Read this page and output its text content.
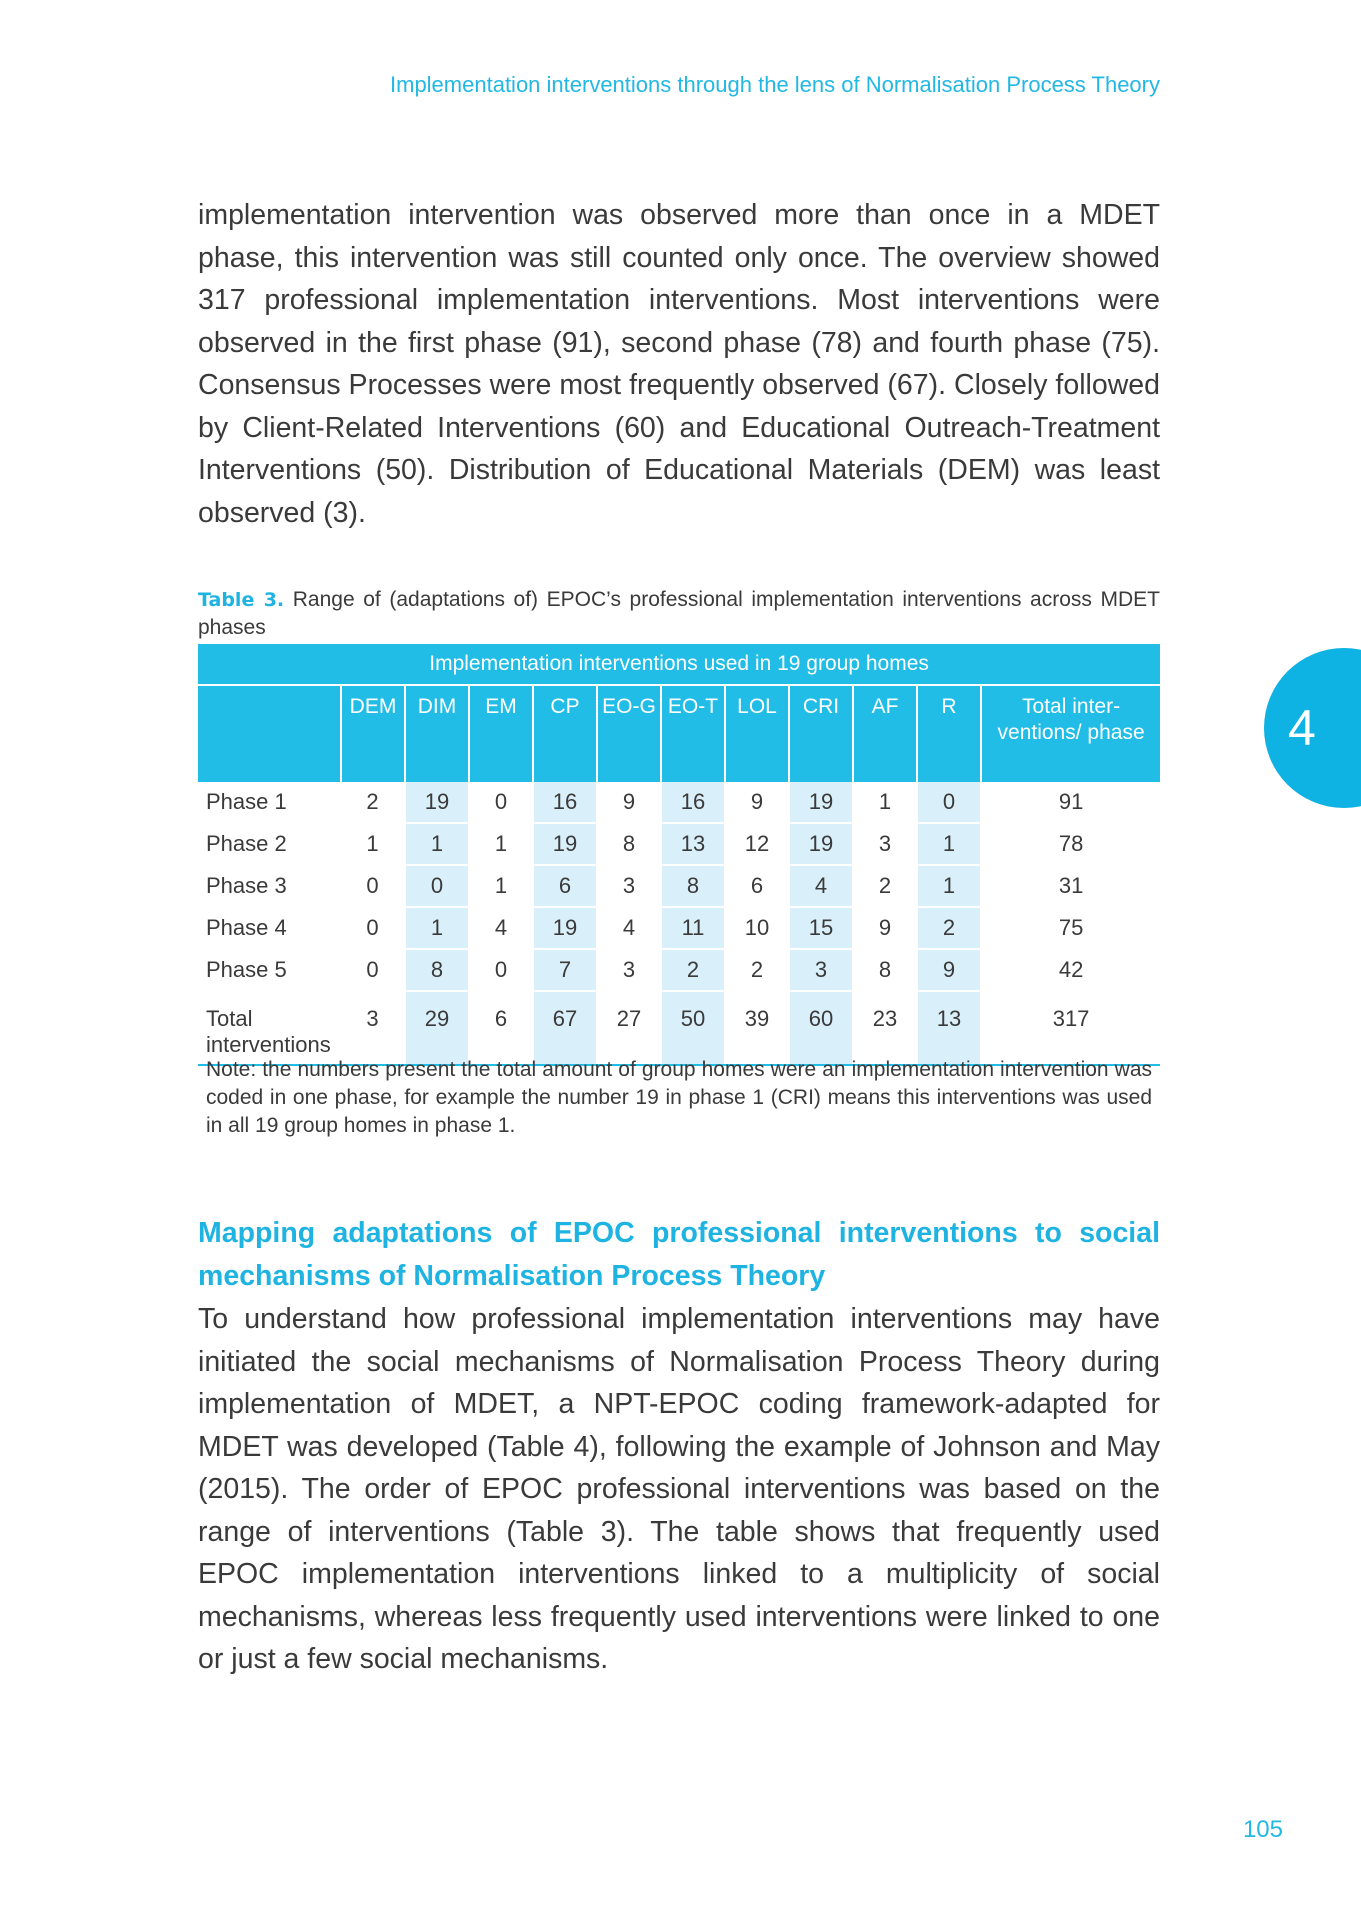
Implementation interventions through the lens of Normalisation Process Theory

implementation intervention was observed more than once in a MDET phase, this intervention was still counted only once. The overview showed 317 professional implementation interventions. Most interventions were observed in the first phase (91), second phase (78) and fourth phase (75). Consensus Processes were most frequently observed (67). Closely followed by Client-Related Interventions (60) and Educational Outreach-Treatment Interventions (50). Distribution of Educational Materials (DEM) was least observed (3).

Table 3. Range of (adaptations of) EPOC’s professional implementation interventions across MDET phases
Implementation interventions used in 19 group homes											
	DEM	DIM	EM	CP	EO-G	EO-T	LOL	CRI	AF	R	Total inter-ventions/ phase
Phase 1	2	19	0	16	9	16	9	19	1	0	91
Phase 2	1	1	1	19	8	13	12	19	3	1	78
Phase 3	0	0	1	6	3	8	6	4	2	1	31
Phase 4	0	1	4	19	4	11	10	15	9	2	75
Phase 5	0	8	0	7	3	2	2	3	8	9	42

Total interventions	3	29	6	67	27	50	39	60	23	13	317
Note: the numbers present the total amount of group homes were an implementation intervention was coded in one phase, for example the number 19 in phase 1 (CRI) means this interventions was used in all 19 group homes in phase 1.
Mapping adaptations of EPOC professional interventions to social mechanisms of Normalisation Process Theory

To understand how professional implementation interventions may have initiated the social mechanisms of Normalisation Process Theory during implementation of MDET, a NPT-EPOC coding framework-adapted for MDET was developed (Table 4), following the example of Johnson and May (2015). The order of EPOC professional interventions was based on the range of interventions (Table 3). The table shows that frequently used EPOC implementation interventions linked to a multiplicity of social mechanisms, whereas less frequently used interventions were linked to one or just a few social mechanisms.

4
105
